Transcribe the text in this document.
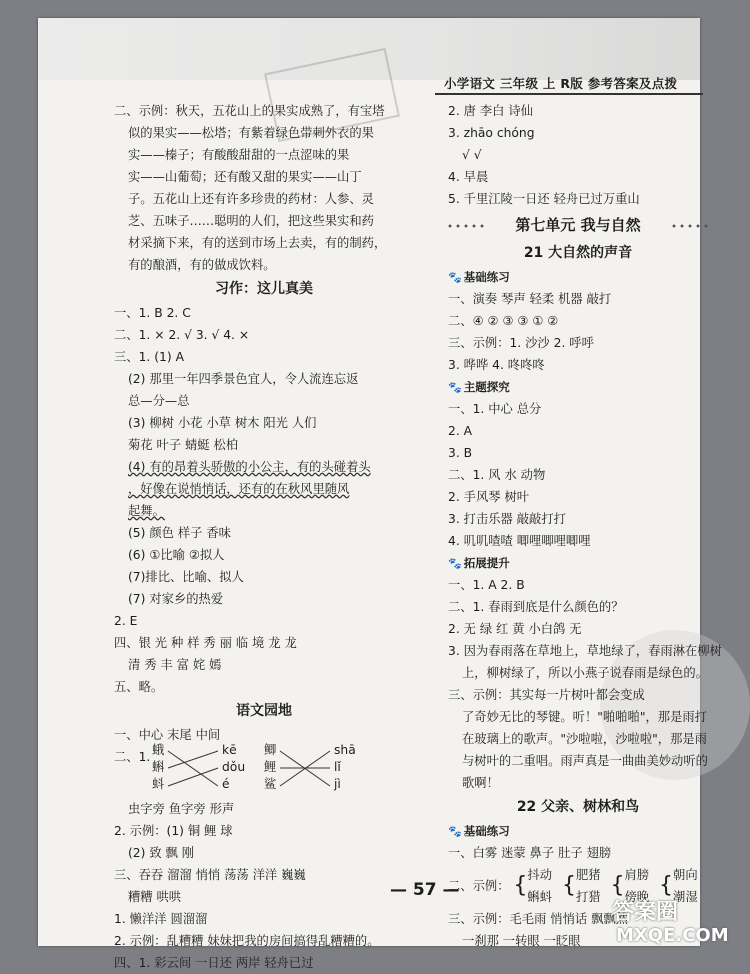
小学语文 三年级 上 R版 参考答案及点拨
二、示例：秋天，五花山上的果实成熟了，有宝塔
似的果实——松塔；有紫着绿色带刺外衣的果
实——榛子；有酸酸甜甜的一点涩味的果
实——山葡萄；还有酸又甜的果实——山丁
子。五花山上还有许多珍贵的药材：人参、灵
芝、五味子……聪明的人们，把这些果实和药
材采摘下来，有的送到市场上去卖，有的制药，
有的酿酒，有的做成饮料。
习作：这儿真美
一、1. B 2. C
二、1. × 2. √ 3. √ 4. ×
三、1. (1) A
(2) 那里一年四季景色宜人，令人流连忘返
总—分—总
(3) 柳树 小花 小草 树木 阳光 人们
菊花 叶子 蜻蜓 松柏
(4) 有的昂着头骄傲的小公主，有的头碰着头
，好像在说悄悄话，还有的在秋风里随风
起舞。
(5) 颜色 样子 香味
(6) ①比喻 ②拟人
(7)排比、比喻、拟人
(7) 对家乡的热爱
2. E
四、银 光 种 样 秀 丽 临 境 龙 龙
清 秀 丰 富 姹 嫣
五、略。
语文园地
一、中心 末尾 中间
二、1. 蛾
蝌
蚪
kē
dǒu
é
鲫
鲤
鲨
shā
lǐ
jì
虫字旁 鱼字旁 形声
2. 示例：(1) 铜 鲤 球
(2) 致 飘 刚
三、吞吞 溜溜 悄悄 荡荡 洋洋 巍巍
糟糟 哄哄
1. 懒洋洋 圆溜溜
2. 示例：乱糟糟 妹妹把我的房间搞得乱糟糟的。
四、1. 彩云间 一日还 两岸 轻舟已过
2. 唐 李白 诗仙
3. zhāo chóng
√ √
4. 早晨
5. 千里江陵一日还 轻舟已过万重山
第七单元 我与自然
21 大自然的声音
🐾 基础练习
一、演奏 琴声 轻柔 机器 敲打
二、④ ② ③ ③ ① ②
三、示例：1. 沙沙 2. 呼呼
3. 哗哗 4. 咚咚咚
🐾 主题探究
一、1. 中心 总分
2. A
3. B
二、1. 风 水 动物
2. 手风琴 树叶
3. 打击乐器 敲敲打打
4. 叽叽喳喳 唧哩唧哩唧哩
🐾 拓展提升
一、1. A 2. B
二、1. 春雨到底是什么颜色的？
2. 无 绿 红 黄 小白鸽 无
3. 因为春雨落在草地上，草地绿了，春雨淋在柳树
上，柳树绿了，所以小燕子说春雨是绿色的。
三、示例：其实每一片树叶都会变成
了奇妙无比的琴键。听！"啪啪啪"，那是雨打
在玻璃上的歌声。"沙啦啦，沙啦啦"，那是雨
与树叶的二重唱。雨声真是一曲曲美妙动听的
歌啊！
22 父亲、树林和鸟
🐾 基础练习
一、白雾 迷蒙 鼻子 肚子 翅膀
二、示例： { 抖动
蝌蚪 { 肥猪
打猎 { 肩膀
傍晚 { 朝向
潮湿
三、示例：毛毛雨 悄悄话 飘飘然
一刹那 一转眼 一眨眼
— 57 —
答案圈
MXQE.COM
